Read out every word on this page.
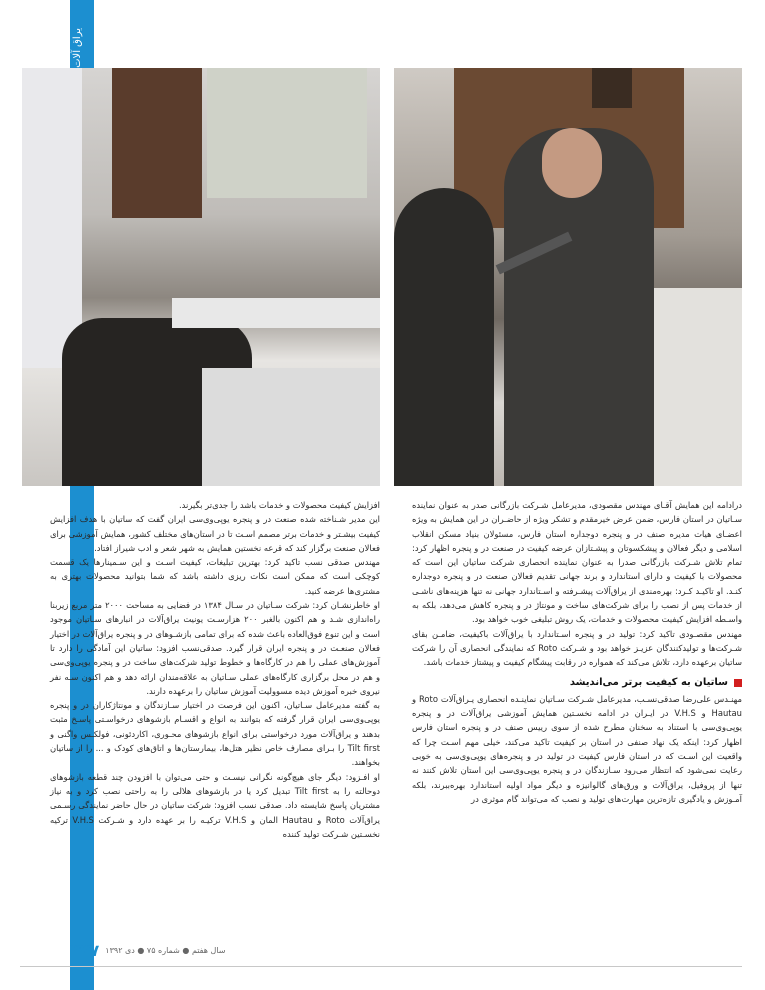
یراق آلات

درادامه این همایش آقـای مهندس مقصودی، مدیرعامل شـرکت بازرگانی صدر به عنوان نماینده سـاتیان در استان فارس، ضمن عرض خیرمقدم و تشکر ویژه از حاضـران در این همایش به ویژه اعضـای هیات مدیره صنف در و پنجره دوجداره استان فارس، مسئولان بنیاد مسکن انقلاب اسلامی و دیگر فعالان و پیشکسوتان و پیشـتازان عرضه کیفیت در صنعت در و پنجره اظهار کرد: تمام تلاش شـرکت بازرگانی صدرا به عنوان نماینده انحصاری شرکت ساتیان این است که محصولات با کیفیت و دارای استاندارد و برند جهانی تقدیم فعالان صنعت در و پنجره دوجداره کنـد. او تاکیـد کـرد: بهره‌مندی از یراق‌آلات پیشـرفته و اسـتاندارد جهانی نه تنها هزینه‌های ناشـی از خدمات پس از نصب را برای شرکت‌های ساخت و مونتاژ در و پنجره کاهش می‌دهد، بلکه به واسـطه افزایش کیفیت محصولات و خدمات، یک روش تبلیغی خوب خواهد بود.

مهندس مقصـودی تاکید کرد: تولید در و پنجره اسـتاندارد با یراق‌آلات باکیفیت، ضامـن بقای شـرکت‌ها و تولیدکنندگان عزیـز خواهد بود و شـرکت Roto که نمایندگی انحصاری آن را شرکت ساتیان برعهده دارد، تلاش می‌کند که همواره در رقابت پیشگام کیفیت و پیشتاز خدمات باشد.

ساتیان به کیفیت برتر می‌اندیشد

مهنـدس علی‌رضا صدقی‌نسـب، مدیرعامل شـرکت سـاتیان نماینـده انحصاری یـراق‌آلات Roto و Hautau و V.H.S در ایـران در ادامه نخسـتین همایش آموزشی یراق‌آلات در و پنجره یوپی‌وی‌سی با استناد به سخنان مطرح شده از سوی رییس صنف در و پنجره استان فارس اظهار کرد: اینکه یک نهاد صنفی در استان بر کیفیت تاکید می‌کند، خیلی مهم اسـت چرا که واقعیت این اسـت که در استان فارس کیفیت در تولید در و پنجره‌های یوپی‌وی‌سی به خوبی رعایت نمی‌شود که انتظار می‌رود سـازندگان در و پنجره یوپی‌وی‌سی این استان تلاش کنند نه تنها از پروفیل، یراق‌آلات و ورق‌های گالوانیزه و دیگر مواد اولیه استاندارد بهره‌ببرند، بلکه آمـوزش و یادگیری تازه‌ترین مهارت‌های تولید و نصب که می‌تواند گام موثری در

افزایش کیفیت محصولات و خدمات باشد را جدی‌تر بگیرند.

این مدیر شـناخته شده صنعت در و پنجره یوپی‌وی‌سی ایران گفت که ساتیان با هدف افزایش کیفیت بیشـتر و خدمات برتر مصمم اسـت تا در استان‌های مختلف کشور، همایش آموزشی برای فعالان صنعت برگزار کند که قرعه نخستین همایش به شهر شعر و ادب شیراز افتاد.

مهندس صدقی نسب تاکید کرد: بهترین تبلیغات، کیفیت اسـت و این سـمینارها یک قسمت کوچکی است که ممکن است نکات ریزی داشته باشد که شما بتوانید محصولات بهتری به مشتری‌ها عرضه کنید.

او خاطرنشـان کرد: شرکت سـاتیان در سـال ۱۳۸۴ در فضایی به مساحت ۲۰۰۰ متر مربع زیربنا راه‌اندازی شـد و هم اکنون بالغبر ۲۰۰ هزارسـت یونیت یراق‌آلات در انبارهای سـاتیان موجود است و این تنوع فوق‌العاده باعث شده که برای تمامی بازشـوهای در و پنجره یراق‌آلات در اختیار فعالان صنعـت در و پنجره ایران قرار گیرد. صدقی‌نسب افزود: ساتیان این آمادگی را دارد تا آموزش‌های عملی را هم در کارگاه‌ها و خطوط تولید شرکت‌های ساخت در و پنجره یوپی‌وی‌سی و هم در محل برگزاری کارگاه‌های عملی سـاتیان به علاقه‌مندان ارائه دهد و هم اکنون سـه نفر نیروی خبره آموزش دیده مسوولیت آموزش ساتیان را برعهده دارند.

به گفته مدیرعامل سـاتیان، اکنون این فرصت در اختیار سـازندگان و مونتاژکاران در و پنجره یوپی‌وی‌سی ایران قرار گرفته که بتوانند به انواع و اقسـام بازشوهای درخواسـتی پاسـخ مثبت بدهند و یراق‌آلات مورد درخواستی برای انواع بازشوهای محـوری، اکاردئونی، فولکـس واگنی و Tilt first را بـرای مصارف خاص نظیر هتل‌ها، بیمارستان‌ها و اتاق‌های کودک و ... را از ساتیان بخواهند.

او افـزود: دیگر جای هیچ‌گونه نگرانی نیسـت و حتی می‌توان با افزودن چند قطعه بازشوهای دوحالته را به Tilt first تبدیل کرد یا در بازشوهای هلالی را به راحتی نصب کرد و به نیاز مشتریان پاسخ شایسته داد. صدقی نسب افزود: شرکت ساتیان در حال حاضر نمایندگی رسـمی یراق‌آلات Roto و Hautau المان و V.H.S ترکیـه را بر عهده دارد و شـرکت V.H.S ترکیه نخسـتین شـرکت تولید کننده

۳۳۷ سال هفتم ● شماره ۷۵ ● دی ۱۳۹۲
